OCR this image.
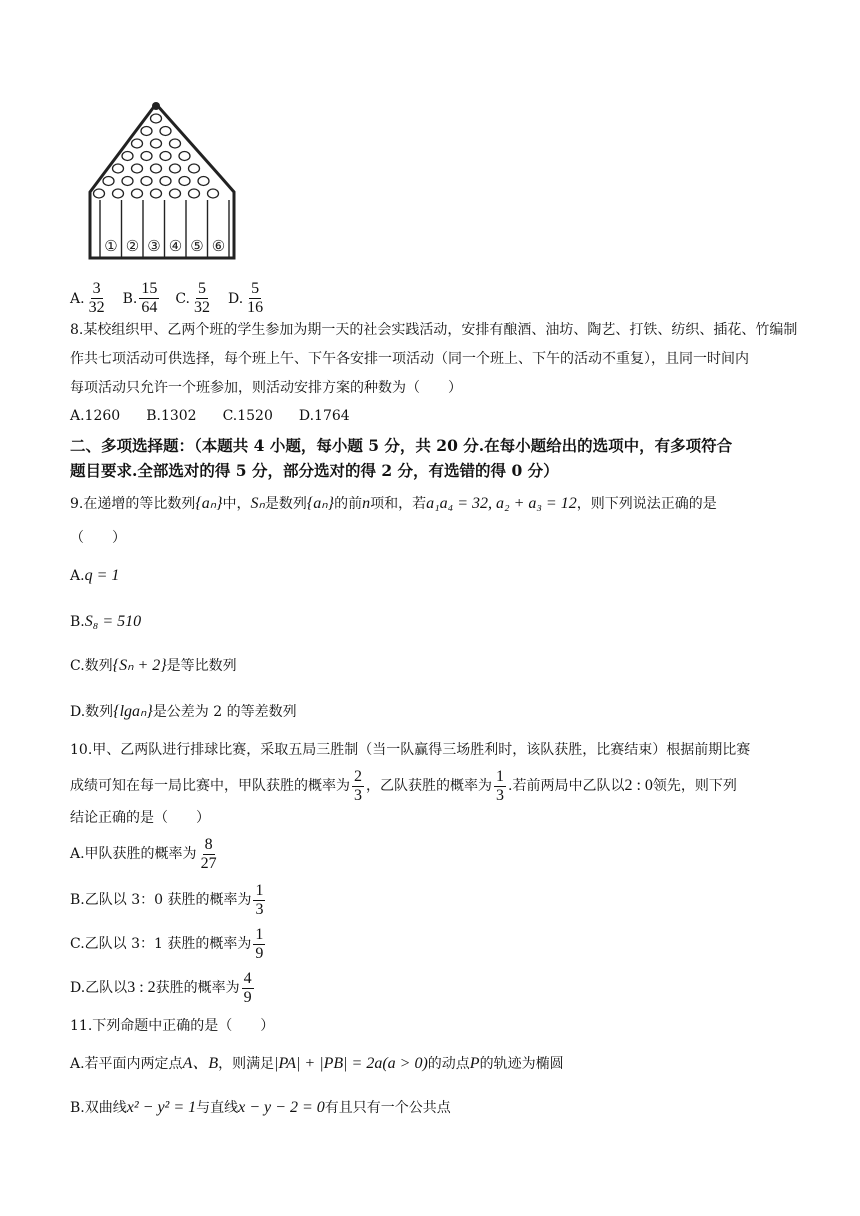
① ② ③ ④ ⑤ ⑥
A. $\frac{3}{32} B$. $\frac{15}{64} C$. $\frac{5}{32} D$. $\frac{5}{16}$
8.某校组织甲、乙两个班的学生参加为期一天的社会实践活动，安排有酿酒、油坊、陶艺、打铁、纺织、插花、竹编制
作共七项活动可供选择，每个班上午、下午各安排一项活动（同一个班上、下午的活动不重复），且同一时间内
每项活动只允许一个班参加，则活动安排方案的种数为（　　）
A.1260 B.1302 C.1520 D.1764
二、多项选择题：（本题共 4 小题，每小题 5 分，共 20 分.在每小题给出的选项中，有多项符合
题目要求.全部选对的得 5 分，部分选对的得 2 分，有选错的得 0 分）
9.在递增的等比数列{aₙ}中，Sₙ是数列{aₙ}的前n项和，若a₁a₄ = 32, a₂ + a₃ = 12，则下列说法正确的是
（　　）
A.q = 1
B.S₈ = 510
C.数列{Sₙ + 2}是等比数列
D.数列{lgaₙ}是公差为 2 的等差数列
10.甲、乙两队进行排球比赛，采取五局三胜制（当一队赢得三场胜利时，该队获胜，比赛结束）根据前期比赛
成绩可知在每一局比赛中，甲队获胜的概率为 $\frac{2}{3}$ ，乙队获胜的概率为 $\frac{1}{3}$ .若前两局中乙队以2 : 0领先，则下列
结论正确的是（　　）
A.甲队获胜的概率为 $\frac{8}{27}$
B.乙队以 3：0 获胜的概率为 $\frac{1}{3}$
C.乙队以 3：1 获胜的概率为 $\frac{1}{9}$
D.乙队以3 : 2获胜的概率为 $\frac{4}{9}$
11.下列命题中正确的是（　　）
A.若平面内两定点A、B，则满足|PA| + |PB| = 2a(a > 0)的动点P的轨迹为椭圆
B.双曲线x² − y² = 1与直线x − y − 2 = 0有且只有一个公共点
